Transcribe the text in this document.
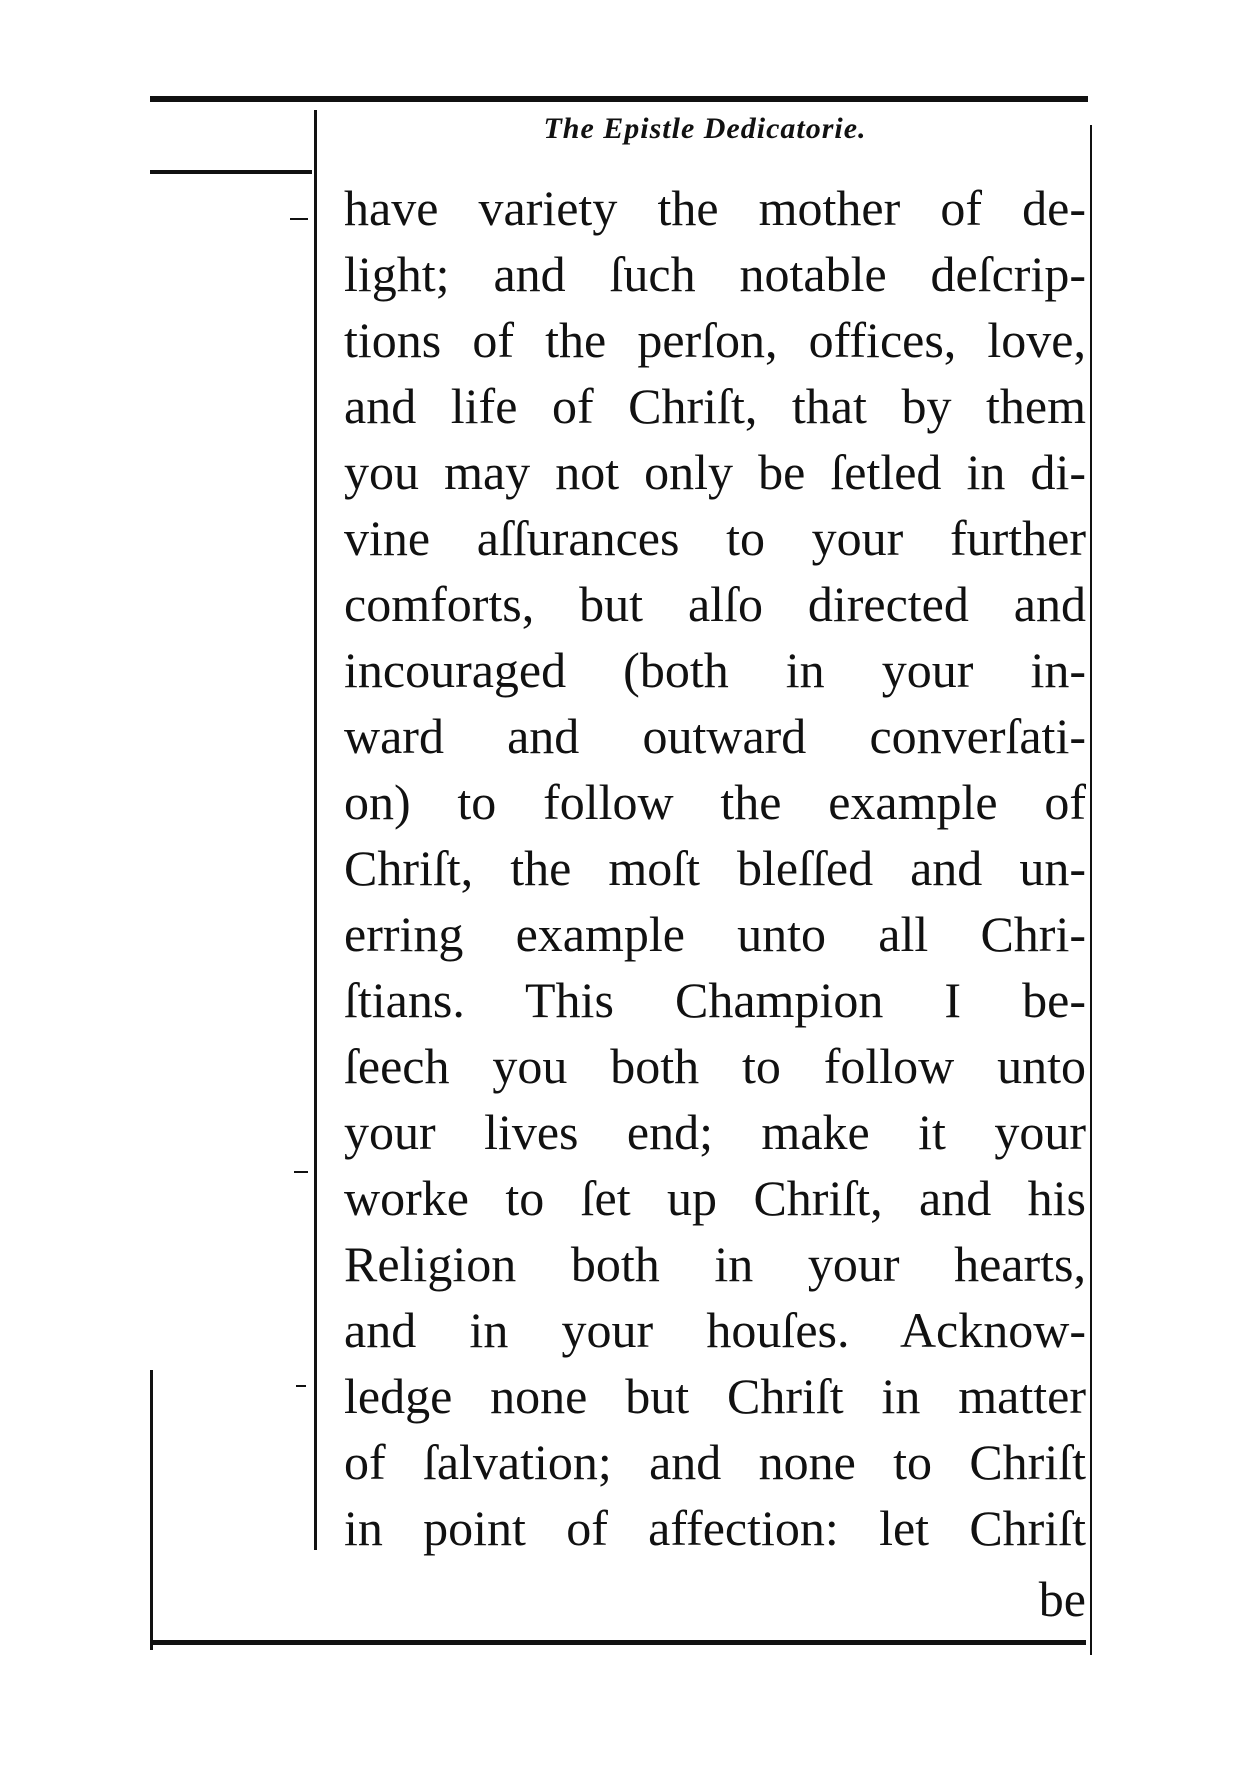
The Epistle Dedicatorie.
have variety the mother of de-
light; and ſuch notable deſcrip-
tions of the perſon, offices, love,
and life of Chriſt, that by them
you may not only be ſetled in di-
vine aſſurances to your further
comforts, but alſo directed and
incouraged (both in your in-
ward and outward converſati-
on) to follow the example of
Chriſt, the moſt bleſſed and un-
erring example unto all Chri-
ſtians. This Champion I be-
ſeech you both to follow unto
your lives end; make it your
worke to ſet up Chriſt, and his
Religion both in your hearts,
and in your houſes. Acknow-
ledge none but Chriſt in matter
of ſalvation; and none to Chriſt
in point of affection: let Chriſt
be
